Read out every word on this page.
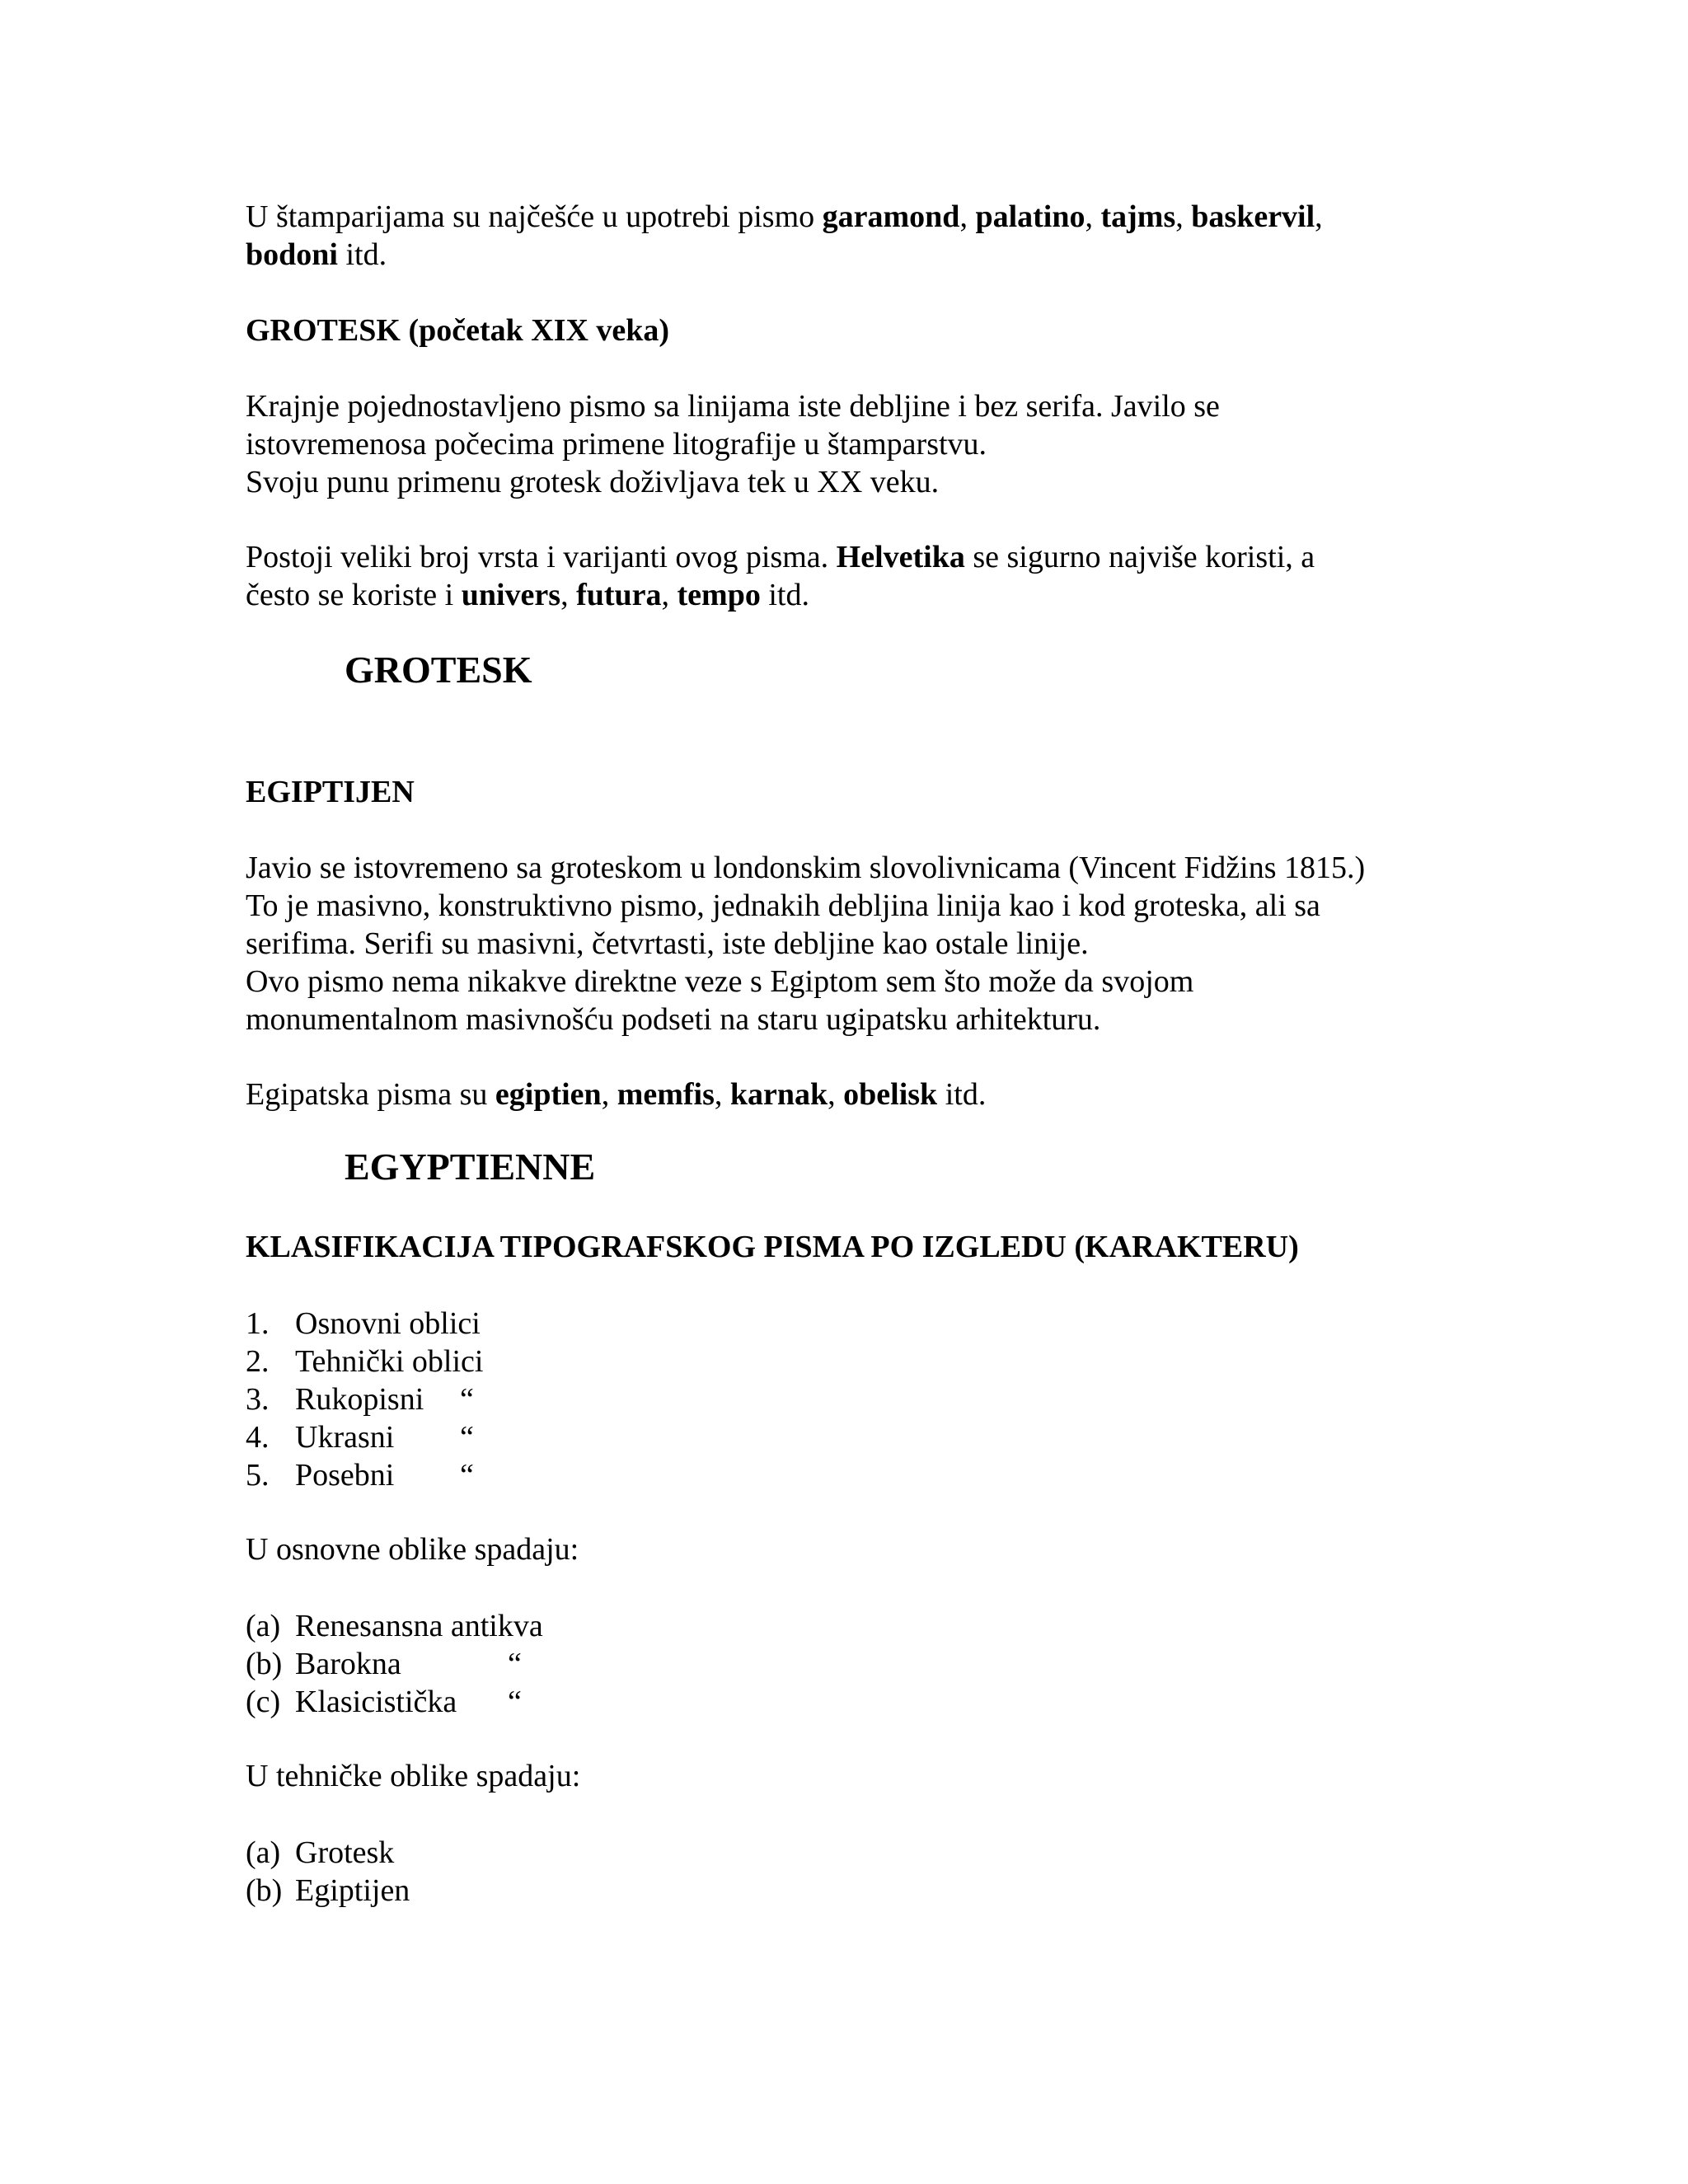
U štamparijama su najčešće u upotrebi pismo garamond, palatino, tajms, baskervil,
bodoni itd.
GROTESK (početak XIX veka)
Krajnje pojednostavljeno pismo sa linijama iste debljine i bez serifa. Javilo se
istovremenosa počecima primene litografije u štamparstvu.
Svoju punu primenu grotesk doživljava tek u XX veku.
Postoji veliki broj vrsta i varijanti ovog pisma. Helvetika se sigurno najviše koristi, a
često se koriste i univers, futura, tempo itd.
GROTESK
EGIPTIJEN
Javio se istovremeno sa groteskom u londonskim slovolivnicama (Vincent Fidžins 1815.)
To je masivno, konstruktivno pismo, jednakih debljina linija kao i kod groteska, ali sa
serifima. Serifi su masivni, četvrtasti, iste debljine kao ostale linije.
Ovo pismo nema nikakve direktne veze s Egiptom sem što može da svojom
monumentalnom masivnošću podseti na staru ugipatsku arhitekturu.
Egipatska pisma su egiptien, memfis, karnak, obelisk itd.
EGYPTIENNE
KLASIFIKACIJA TIPOGRAFSKOG PISMA PO IZGLEDU (KARAKTERU)
1. Osnovni oblici
2. Tehnički oblici
3. Rukopisni “
4. Ukrasni “
5. Posebni “
U osnovne oblike spadaju:
(a) Renesansna antikva
(b) Barokna	“
(c) Klasicistička “
U tehničke oblike spadaju:
(a) Grotesk
(b) Egiptijen
